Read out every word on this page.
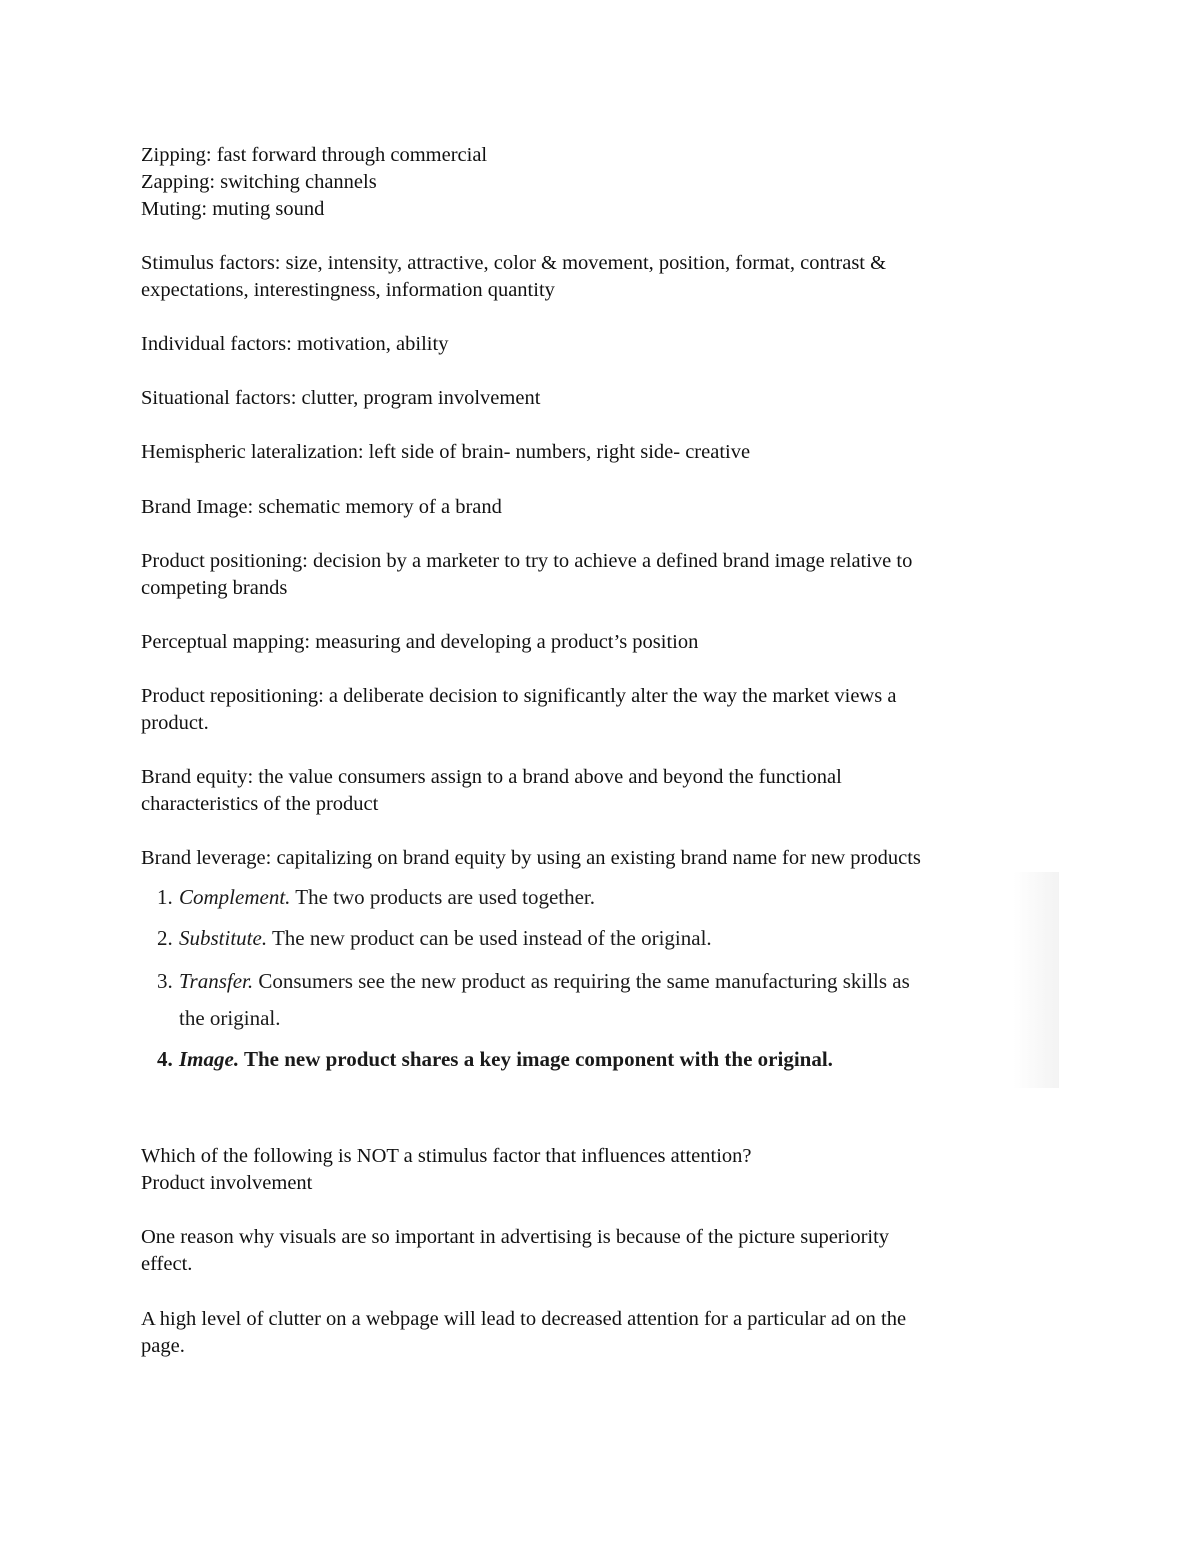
Zipping: fast forward through commercial
Zapping: switching channels
Muting: muting sound
Stimulus factors: size, intensity, attractive, color & movement, position, format, contrast &
expectations, interestingness, information quantity
Individual factors: motivation, ability
Situational factors: clutter, program involvement
Hemispheric lateralization: left side of brain- numbers, right side- creative
Brand Image: schematic memory of a brand
Product positioning: decision by a marketer to try to achieve a defined brand image relative to
competing brands
Perceptual mapping: measuring and developing a product’s position
Product repositioning: a deliberate decision to significantly alter the way the market views a
product.
Brand equity: the value consumers assign to a brand above and beyond the functional
characteristics of the product
Brand leverage: capitalizing on brand equity by using an existing brand name for new products
1. Complement. The two products are used together.
2. Substitute. The new product can be used instead of the original.
3. Transfer. Consumers see the new product as requiring the same manufacturing skills as
the original.
4. Image. The new product shares a key image component with the original.
Which of the following is NOT a stimulus factor that influences attention?
Product involvement
One reason why visuals are so important in advertising is because of the picture superiority
effect.
A high level of clutter on a webpage will lead to decreased attention for a particular ad on the
page.
